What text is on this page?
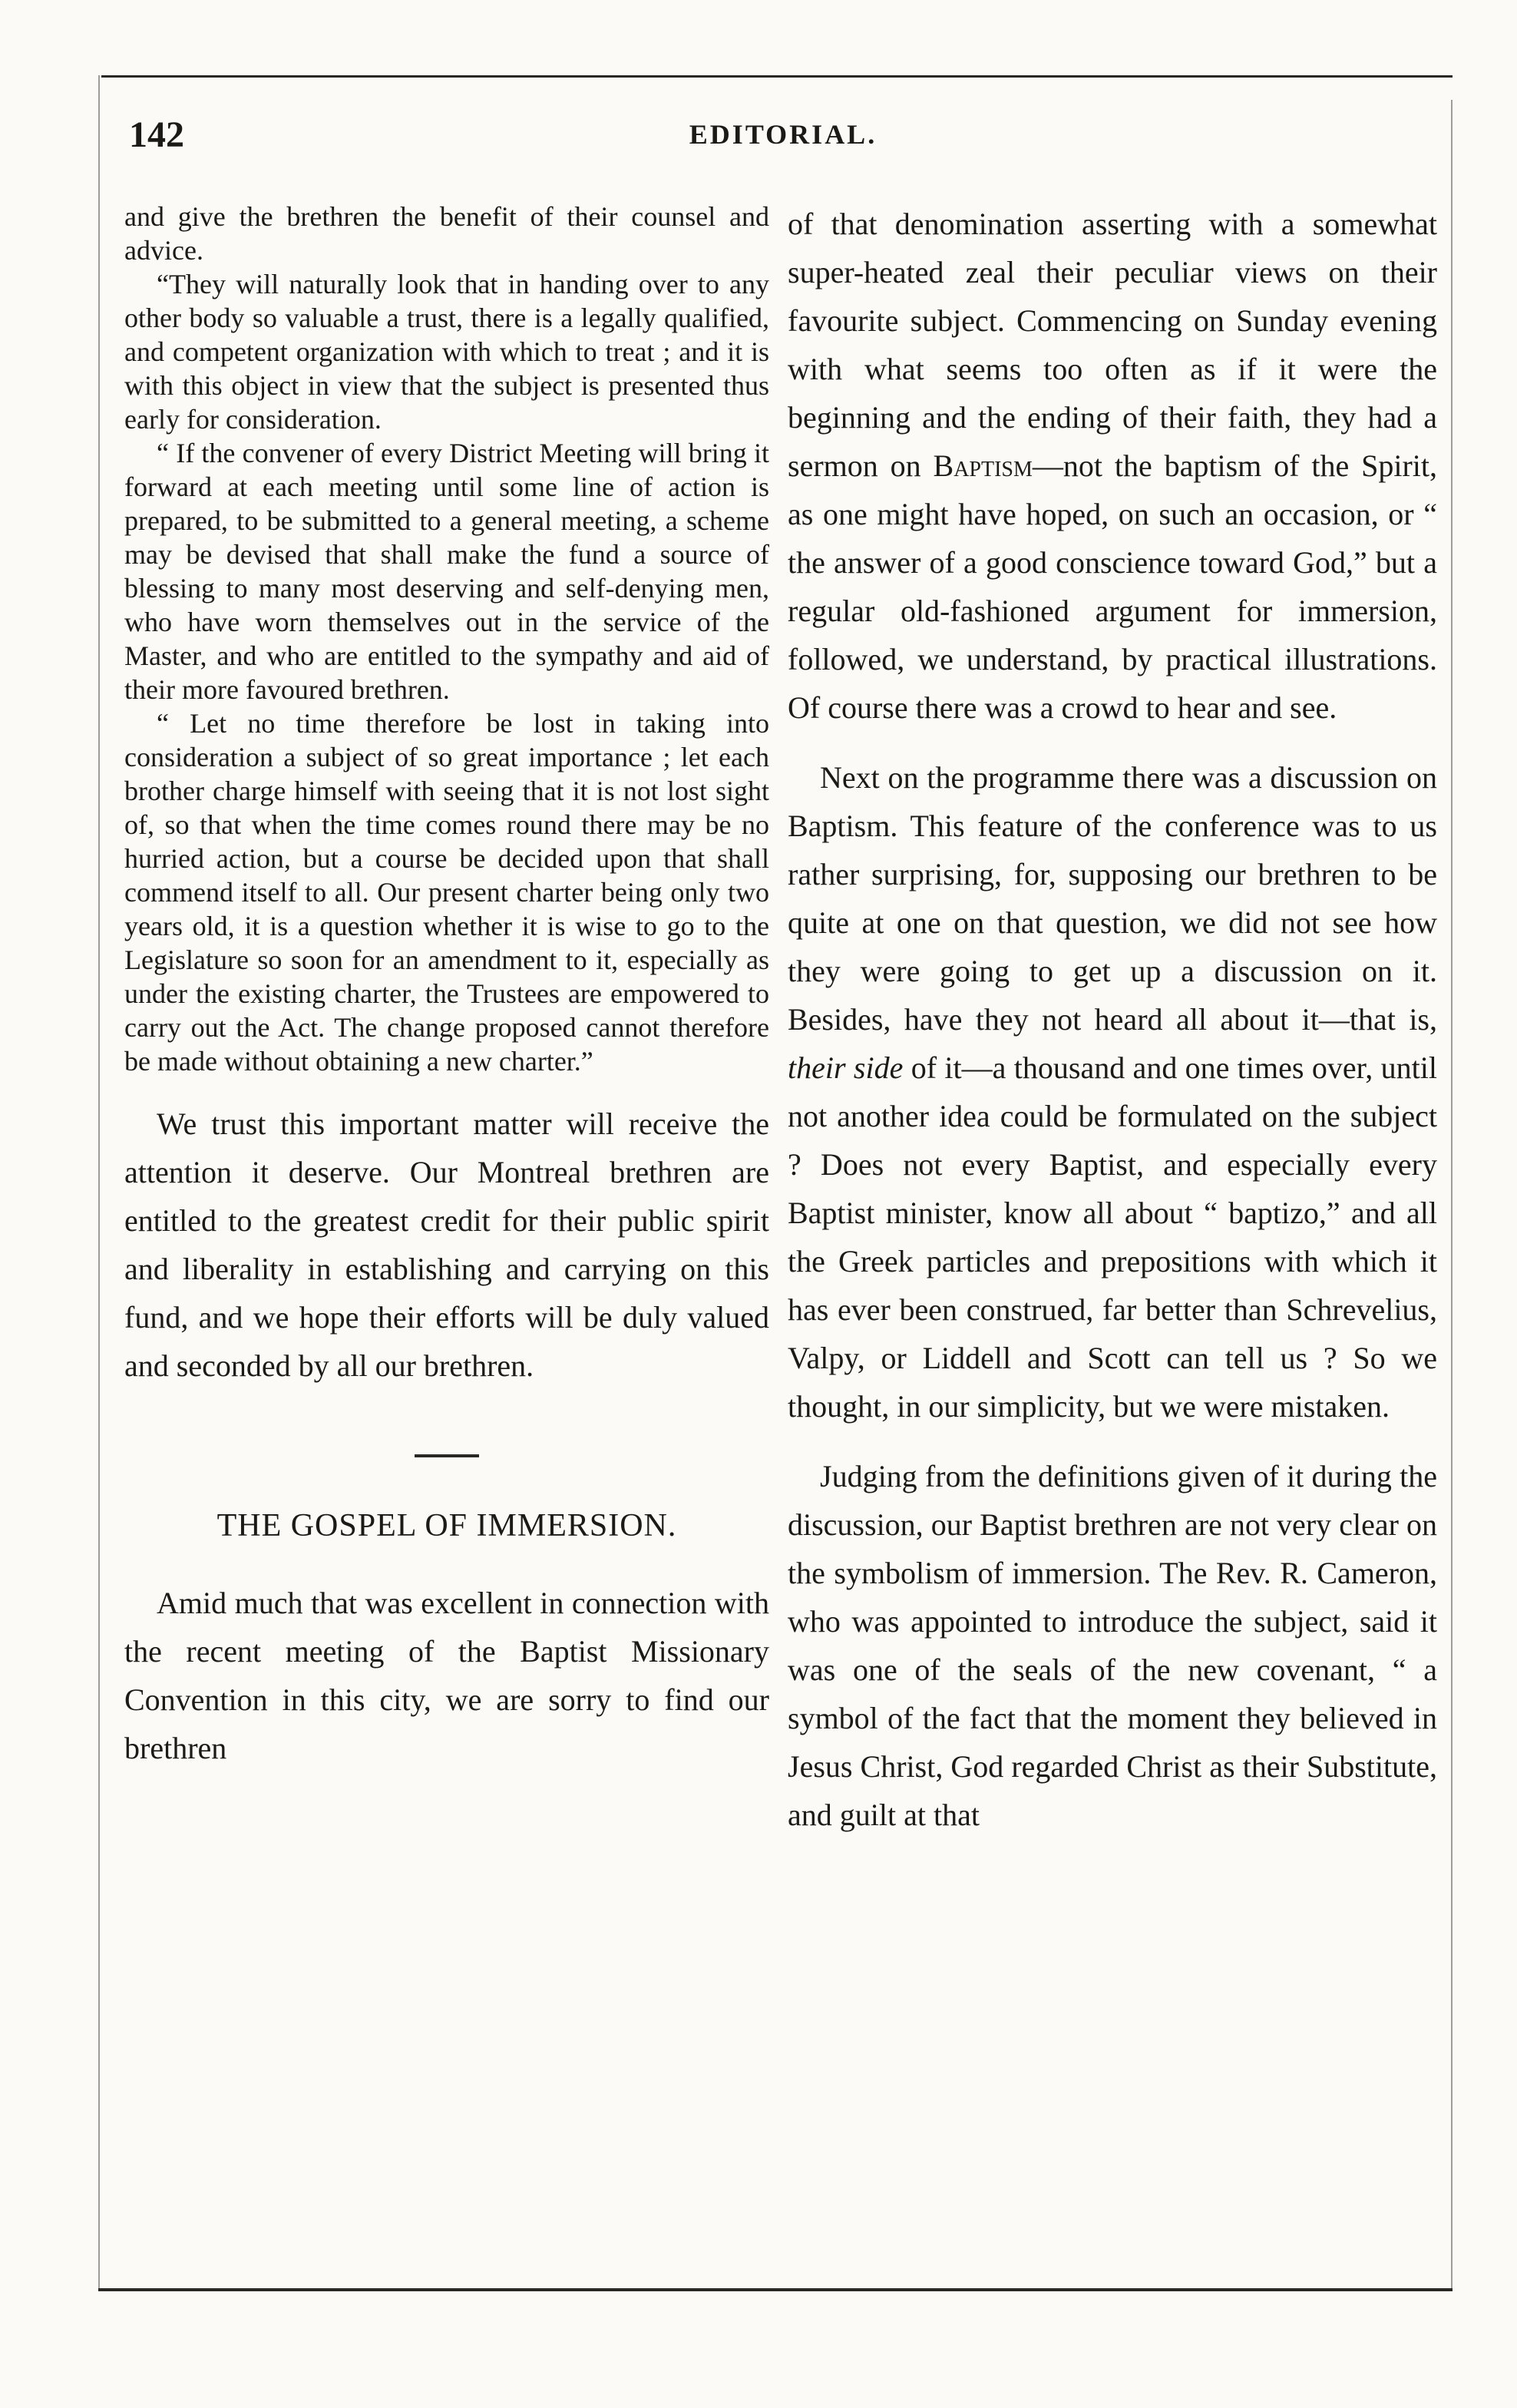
142	EDITORIAL.

and give the brethren the benefit of their counsel and advice.

“They will naturally look that in handing over to any other body so valuable a trust, there is a legally qualified, and competent organization with which to treat ; and it is with this object in view that the subject is presented thus early for consideration.

“ If the convener of every District Meeting will bring it forward at each meeting until some line of action is prepared, to be submitted to a general meeting, a scheme may be devised that shall make the fund a source of blessing to many most deserving and self-denying men, who have worn themselves out in the service of the Master, and who are entitled to the sympathy and aid of their more favoured brethren.

“ Let no time therefore be lost in taking into consideration a subject of so great importance ; let each brother charge himself with seeing that it is not lost sight of, so that when the time comes round there may be no hurried action, but a course be decided upon that shall commend itself to all. Our present charter being only two years old, it is a question whether it is wise to go to the Legislature so soon for an amendment to it, especially as under the existing charter, the Trustees are empowered to carry out the Act. The change proposed cannot therefore be made without obtaining a new charter.”

We trust this important matter will receive the attention it deserve. Our Montreal brethren are entitled to the greatest credit for their public spirit and liberality in establishing and carrying on this fund, and we hope their efforts will be duly valued and seconded by all our brethren.

THE GOSPEL OF IMMERSION.

Amid much that was excellent in connection with the recent meeting of the Baptist Missionary Convention in this city, we are sorry to find our brethren

of that denomination asserting with a somewhat super-heated zeal their peculiar views on their favourite subject. Commencing on Sunday evening with what seems too often as if it were the beginning and the ending of their faith, they had a sermon on Baptism—not the baptism of the Spirit, as one might have hoped, on such an occasion, or “ the answer of a good conscience toward God,” but a regular old-fashioned argument for immersion, followed, we understand, by practical illustrations. Of course there was a crowd to hear and see.

Next on the programme there was a discussion on Baptism. This feature of the conference was to us rather surprising, for, supposing our brethren to be quite at one on that question, we did not see how they were going to get up a discussion on it. Besides, have they not heard all about it—that is, their side of it—a thousand and one times over, until not another idea could be formulated on the subject ? Does not every Baptist, and especially every Baptist minister, know all about “ baptizo,” and all the Greek particles and prepositions with which it has ever been construed, far better than Schrevelius, Valpy, or Liddell and Scott can tell us ? So we thought, in our simplicity, but we were mistaken.

Judging from the definitions given of it during the discussion, our Baptist brethren are not very clear on the symbolism of immersion. The Rev. R. Cameron, who was appointed to introduce the subject, said it was one of the seals of the new covenant, “ a symbol of the fact that the moment they believed in Jesus Christ, God regarded Christ as their Substitute, and guilt at that
